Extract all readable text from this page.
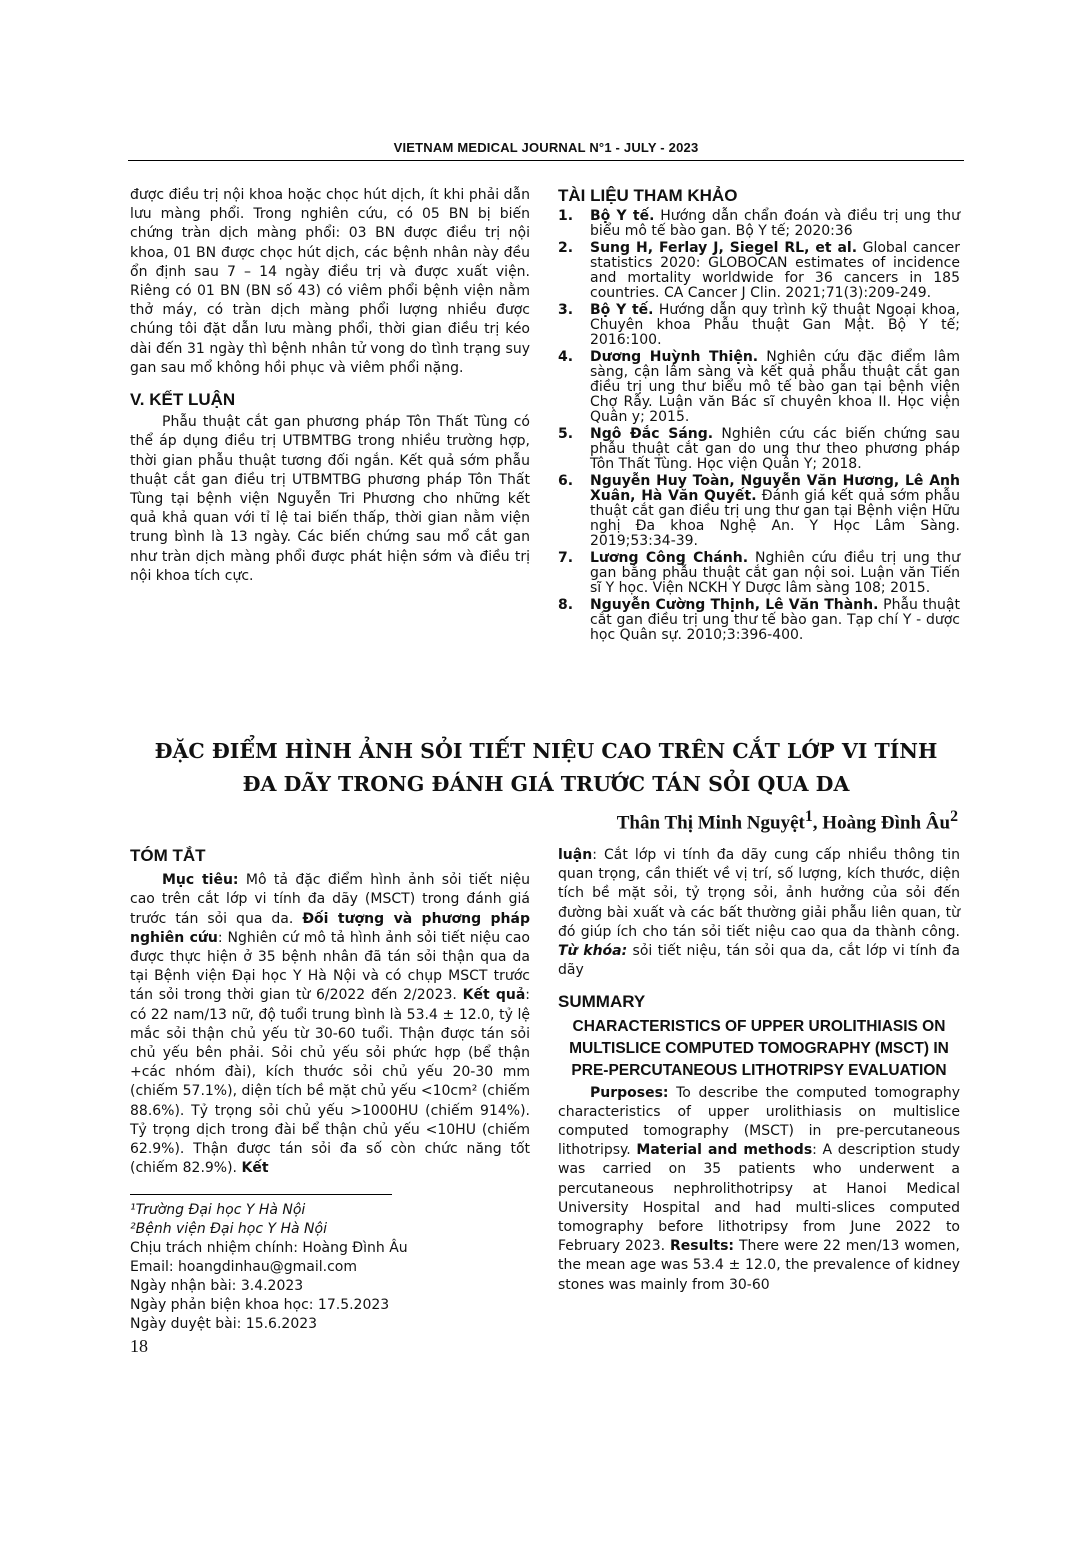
VIETNAM MEDICAL JOURNAL N°1 - JULY - 2023

được điều trị nội khoa hoặc chọc hút dịch, ít khi phải dẫn lưu màng phổi. Trong nghiên cứu, có 05 BN bị biến chứng tràn dịch màng phổi: 03 BN được điều trị nội khoa, 01 BN được chọc hút dịch, các bệnh nhân này đều ổn định sau 7 – 14 ngày điều trị và được xuất viện. Riêng có 01 BN (BN số 43) có viêm phổi bệnh viện nằm thở máy, có tràn dịch màng phổi lượng nhiều được chúng tôi đặt dẫn lưu màng phổi, thời gian điều trị kéo dài đến 31 ngày thì bệnh nhân tử vong do tình trạng suy gan sau mổ không hồi phục và viêm phổi nặng.

V. KẾT LUẬN

Phẫu thuật cắt gan phương pháp Tôn Thất Tùng có thể áp dụng điều trị UTBMTBG trong nhiều trường hợp, thời gian phẫu thuật tương đối ngắn. Kết quả sớm phẫu thuật cắt gan điều trị UTBMTBG phương pháp Tôn Thất Tùng tại bệnh viện Nguyễn Tri Phương cho những kết quả khả quan với tỉ lệ tai biến thấp, thời gian nằm viện trung bình là 13 ngày. Các biến chứng sau mổ cắt gan như tràn dịch màng phổi được phát hiện sớm và điều trị nội khoa tích cực.

TÀI LIỆU THAM KHẢO
1. Bộ Y tế. Hướng dẫn chẩn đoán và điều trị ung thư biểu mô tế bào gan. Bộ Y tế; 2020:36
2. Sung H, Ferlay J, Siegel RL, et al. Global cancer statistics 2020: GLOBOCAN estimates of incidence and mortality worldwide for 36 cancers in 185 countries. CA Cancer J Clin. 2021;71(3):209-249.
3. Bộ Y tế. Hướng dẫn quy trình kỹ thuật Ngoại khoa, Chuyên khoa Phẫu thuật Gan Mật. Bộ Y tế; 2016:100.
4. Dương Huỳnh Thiện. Nghiên cứu đặc điểm lâm sàng, cận lâm sàng và kết quả phẫu thuật cắt gan điều trị ung thư biểu mô tế bào gan tại bệnh viện Chợ Rẫy. Luận văn Bác sĩ chuyên khoa II. Học viện Quân y; 2015.
5. Ngô Đắc Sáng. Nghiên cứu các biến chứng sau phẫu thuật cắt gan do ung thư theo phương pháp Tôn Thất Tùng. Học viện Quân Y; 2018.
6. Nguyễn Huy Toàn, Nguyễn Văn Hương, Lê Anh Xuân, Hà Văn Quyết. Đánh giá kết quả sớm phẫu thuật cắt gan điều trị ung thư gan tại Bệnh viện Hữu nghị Đa khoa Nghệ An. Y Học Lâm Sàng. 2019;53:34-39.
7. Lương Công Chánh. Nghiên cứu điều trị ung thư gan bằng phẫu thuật cắt gan nội soi. Luận văn Tiến sĩ Y học. Viện NCKH Y Dược lâm sàng 108; 2015.
8. Nguyễn Cường Thịnh, Lê Văn Thành. Phẫu thuật cắt gan điều trị ung thư tế bào gan. Tạp chí Y - dược học Quân sự. 2010;3:396-400.
ĐẶC ĐIỂM HÌNH ẢNH SỎI TIẾT NIỆU CAO TRÊN CẮT LỚP VI TÍNH
ĐA DÃY TRONG ĐÁNH GIÁ TRƯỚC TÁN SỎI QUA DA
Thân Thị Minh Nguyệt$^1$, Hoàng Đình $Âu^2$
TÓM TẮT

Mục tiêu: Mô tả đặc điểm hình ảnh sỏi tiết niệu cao trên cắt lớp vi tính đa dãy (MSCT) trong đánh giá trước tán sỏi qua da. Đối tượng và phương pháp nghiên cứu: Nghiên cứ mô tả hình ảnh sỏi tiết niệu cao được thực hiện ở 35 bệnh nhân đã tán sỏi thận qua da tại Bệnh viện Đại học Y Hà Nội và có chụp MSCT trước tán sỏi trong thời gian từ 6/2022 đến 2/2023. Kết quả: có 22 nam/13 nữ, độ tuổi trung bình là 53.4 ± 12.0, tỷ lệ mắc sỏi thận chủ yếu từ 30-60 tuổi. Thận được tán sỏi chủ yếu bên phải. Sỏi chủ yếu sỏi phức hợp (bể thận +các nhóm đài), kích thước sỏi chủ yếu 20-30 mm (chiếm 57.1%), diện tích bề mặt chủ yếu <10cm² (chiếm 88.6%). Tỷ trọng sỏi chủ yếu >1000HU (chiếm 914%). Tỷ trọng dịch trong đài bể thận chủ yếu <10HU (chiếm 62.9%). Thận được tán sỏi đa số còn chức năng tốt (chiếm 82.9%). Kết

¹Trường Đại học Y Hà Nội
²Bệnh viện Đại học Y Hà Nội
Chịu trách nhiệm chính: Hoàng Đình Âu
Email: hoangdinhau@gmail.com
Ngày nhận bài: 3.4.2023
Ngày phản biện khoa học: 17.5.2023
Ngày duyệt bài: 15.6.2023

luận: Cắt lớp vi tính đa dãy cung cấp nhiều thông tin quan trọng, cần thiết về vị trí, số lượng, kích thước, diện tích bề mặt sỏi, tỷ trọng sỏi, ảnh hưởng của sỏi đến đường bài xuất và các bất thường giải phẫu liên quan, từ đó giúp ích cho tán sỏi tiết niệu cao qua da thành công. Từ khóa: sỏi tiết niệu, tán sỏi qua da, cắt lớp vi tính đa dãy

SUMMARY
CHARACTERISTICS OF UPPER UROLITHIASIS ON MULTISLICE COMPUTED TOMOGRAPHY (MSCT) IN PRE-PERCUTANEOUS LITHOTRIPSY EVALUATION

Purposes: To describe the computed tomography characteristics of upper urolithiasis on multislice computed tomography (MSCT) in pre-percutaneous lithotripsy. Material and methods: A description study was carried on 35 patients who underwent a percutaneous nephrolithotripsy at Hanoi Medical University Hospital and had multi-slices computed tomography before lithotripsy from June 2022 to February 2023. Results: There were 22 men/13 women, the mean age was 53.4 ± 12.0, the prevalence of kidney stones was mainly from 30-60

18
